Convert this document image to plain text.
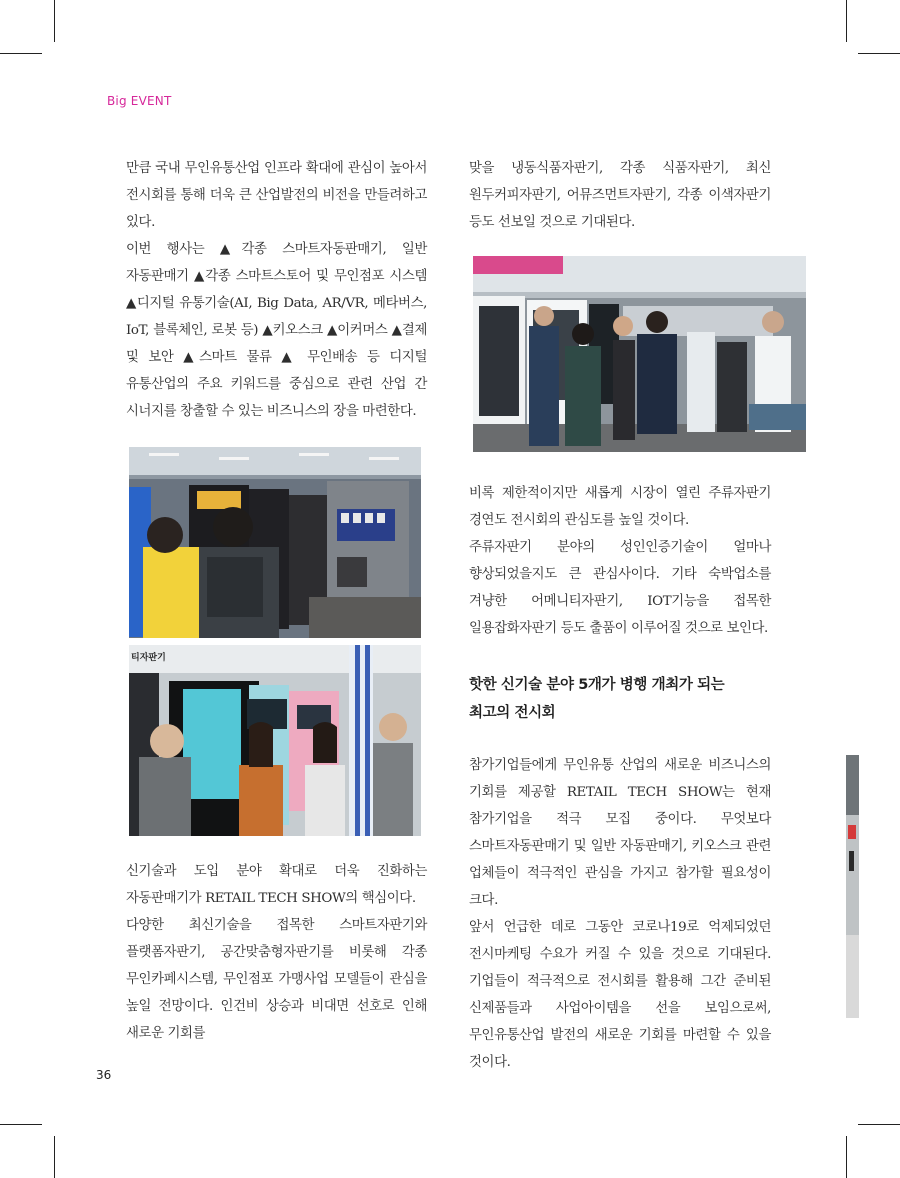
Big EVENT

만큼 국내 무인유통산업 인프라 확대에 관심이 높아서 전시회를 통해 더욱 큰 산업발전의 비전을 만들려하고 있다.

이번 행사는 ▲각종 스마트자동판매기, 일반 자동판매기 ▲각종 스마트스토어 및 무인점포 시스템 ▲디지털 유통기술(AI, Big Data, AR/VR, 메타버스, IoT, 블록체인, 로봇 등) ▲키오스크 ▲이커머스 ▲결제 및 보안 ▲스마트 물류 ▲ 무인배송 등 디지털 유통산업의 주요 키워드를 중심으로 관련 산업 간 시너지를 창출할 수 있는 비즈니스의 장을 마련한다.

티자판기

신기술과 도입 분야 확대로 더욱 진화하는 자동판매기가 RETAIL TECH SHOW의 핵심이다.

다양한 최신기술을 접목한 스마트자판기와 플랫폼자판기, 공간맞춤형자판기를 비롯해 각종 무인카페시스템, 무인점포 가맹사업 모델들이 관심을 높일 전망이다. 인건비 상승과 비대면 선호로 인해 새로운 기회를

맞을 냉동식품자판기, 각종 식품자판기, 최신 원두커피자판기, 어뮤즈먼트자판기, 각종 이색자판기 등도 선보일 것으로 기대된다.

비록 제한적이지만 새롭게 시장이 열린 주류자판기 경연도 전시회의 관심도를 높일 것이다.

주류자판기 분야의 성인인증기술이 얼마나 향상되었을지도 큰 관심사이다. 기타 숙박업소를 겨냥한 어메니티자판기, IOT기능을 접목한 일용잡화자판기 등도 출품이 이루어질 것으로 보인다.

핫한 신기술 분야 5개가 병행 개최가 되는
최고의 전시회

참가기업들에게 무인유통 산업의 새로운 비즈니스의 기회를 제공할 RETAIL TECH SHOW는 현재 참가기업을 적극 모집 중이다. 무엇보다 스마트자동판매기 및 일반 자동판매기, 키오스크 관련 업체들이 적극적인 관심을 가지고 참가할 필요성이 크다.

앞서 언급한 데로 그동안 코로나19로 억제되었던 전시마케팅 수요가 커질 수 있을 것으로 기대된다. 기업들이 적극적으로 전시회를 활용해 그간 준비된 신제품들과 사업아이템을 선을 보임으로써, 무인유통산업 발전의 새로운 기회를 마련할 수 있을 것이다.

36
